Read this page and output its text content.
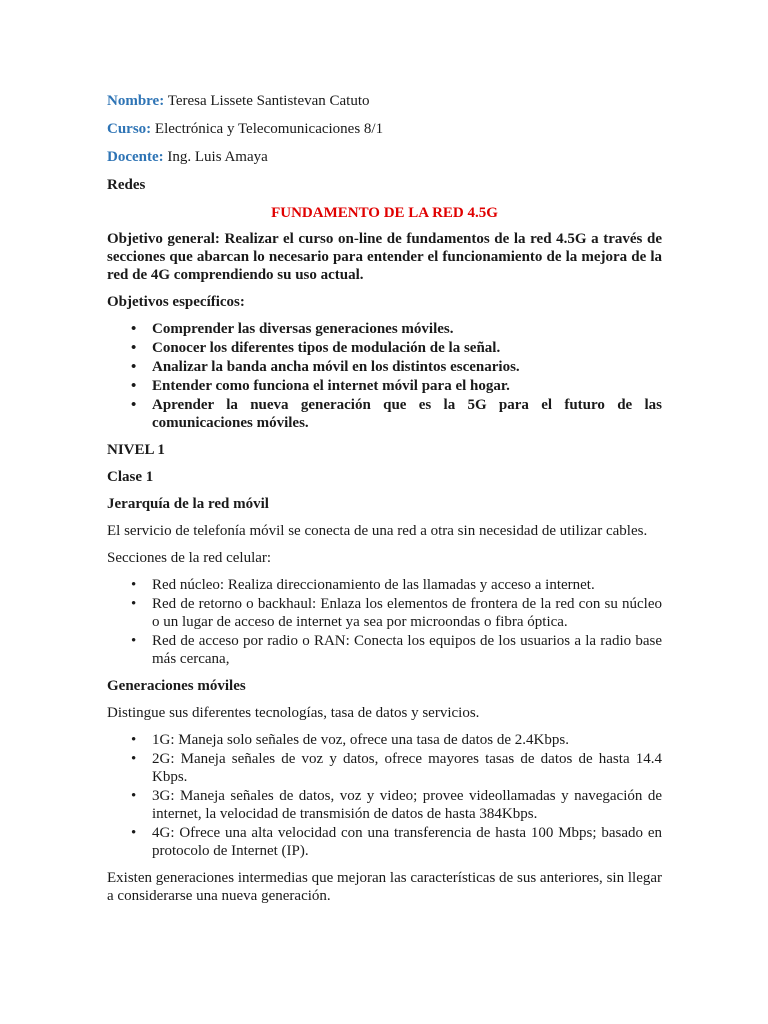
Nombre: Teresa Lissete Santistevan Catuto
Curso: Electrónica y Telecomunicaciones 8/1
Docente: Ing. Luis Amaya
Redes
FUNDAMENTO DE LA RED 4.5G

Objetivo general: Realizar el curso on-line de fundamentos de la red 4.5G a través de secciones que abarcan lo necesario para entender el funcionamiento de la mejora de la red de 4G comprendiendo su uso actual.

Objetivos específicos:

• Comprender las diversas generaciones móviles.
• Conocer los diferentes tipos de modulación de la señal.
• Analizar la banda ancha móvil en los distintos escenarios.
• Entender como funciona el internet móvil para el hogar.
• Aprender la nueva generación que es la 5G para el futuro de las comunicaciones móviles.

NIVEL 1

Clase 1

Jerarquía de la red móvil

El servicio de telefonía móvil se conecta de una red a otra sin necesidad de utilizar cables.

Secciones de la red celular:

• Red núcleo: Realiza direccionamiento de las llamadas y acceso a internet.
• Red de retorno o backhaul: Enlaza los elementos de frontera de la red con su núcleo o un lugar de acceso de internet ya sea por microondas o fibra óptica.
• Red de acceso por radio o RAN: Conecta los equipos de los usuarios a la radio base más cercana,

Generaciones móviles

Distingue sus diferentes tecnologías, tasa de datos y servicios.

• 1G: Maneja solo señales de voz, ofrece una tasa de datos de 2.4Kbps.
• 2G: Maneja señales de voz y datos, ofrece mayores tasas de datos de hasta 14.4 Kbps.
• 3G: Maneja señales de datos, voz y video; provee videollamadas y navegación de internet, la velocidad de transmisión de datos de hasta 384Kbps.
• 4G: Ofrece una alta velocidad con una transferencia de hasta 100 Mbps; basado en protocolo de Internet (IP).

Existen generaciones intermedias que mejoran las características de sus anteriores, sin llegar a considerarse una nueva generación.
